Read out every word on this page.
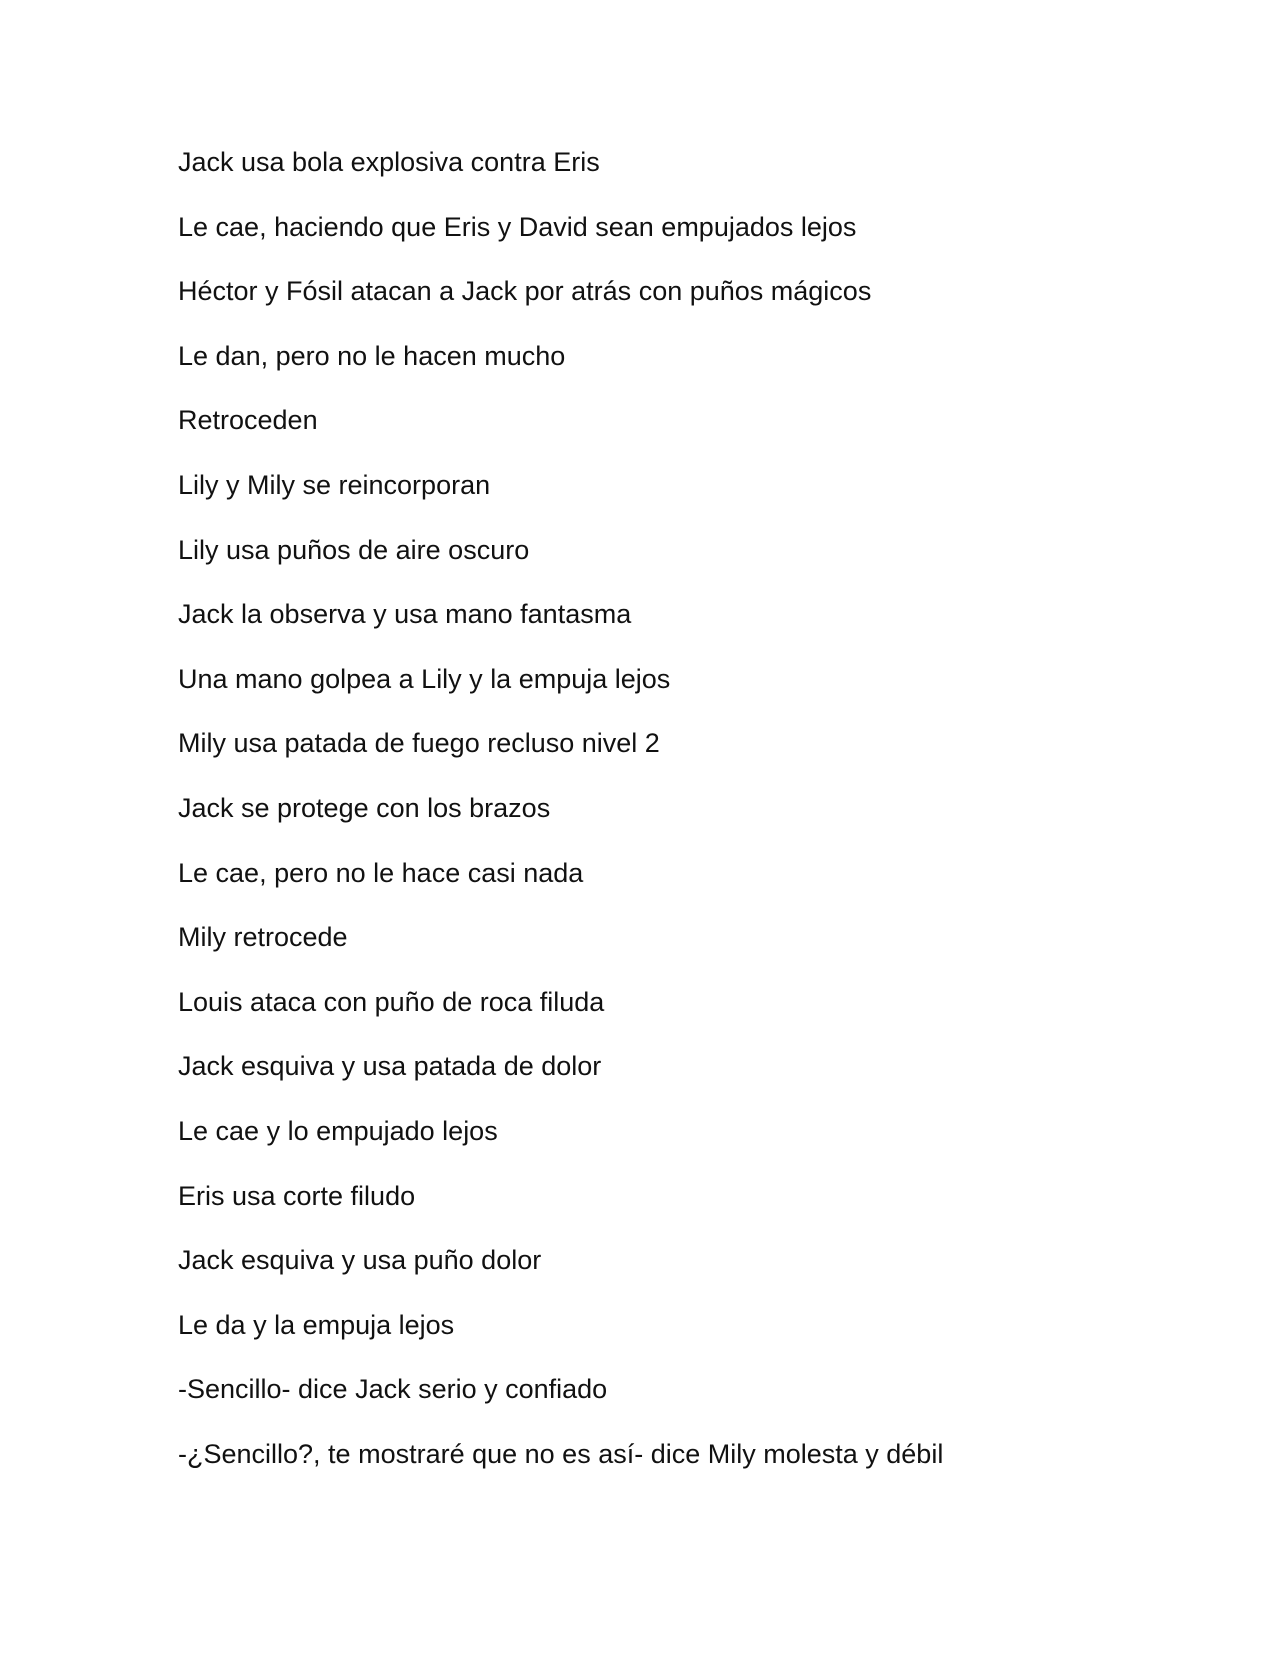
Jack usa bola explosiva contra Eris
Le cae, haciendo que Eris y David sean empujados lejos
Héctor y Fósil atacan a Jack por atrás con puños mágicos
Le dan, pero no le hacen mucho
Retroceden
Lily y Mily se reincorporan
Lily usa puños de aire oscuro
Jack la observa y usa mano fantasma
Una mano golpea a Lily y la empuja lejos
Mily usa patada de fuego recluso nivel 2
Jack se protege con los brazos
Le cae, pero no le hace casi nada
Mily retrocede
Louis ataca con puño de roca filuda
Jack esquiva y usa patada de dolor
Le cae y lo empujado lejos
Eris usa corte filudo
Jack esquiva y usa puño dolor
Le da y la empuja lejos
-Sencillo- dice Jack serio y confiado
-¿Sencillo?, te mostraré que no es así- dice Mily molesta y débil
